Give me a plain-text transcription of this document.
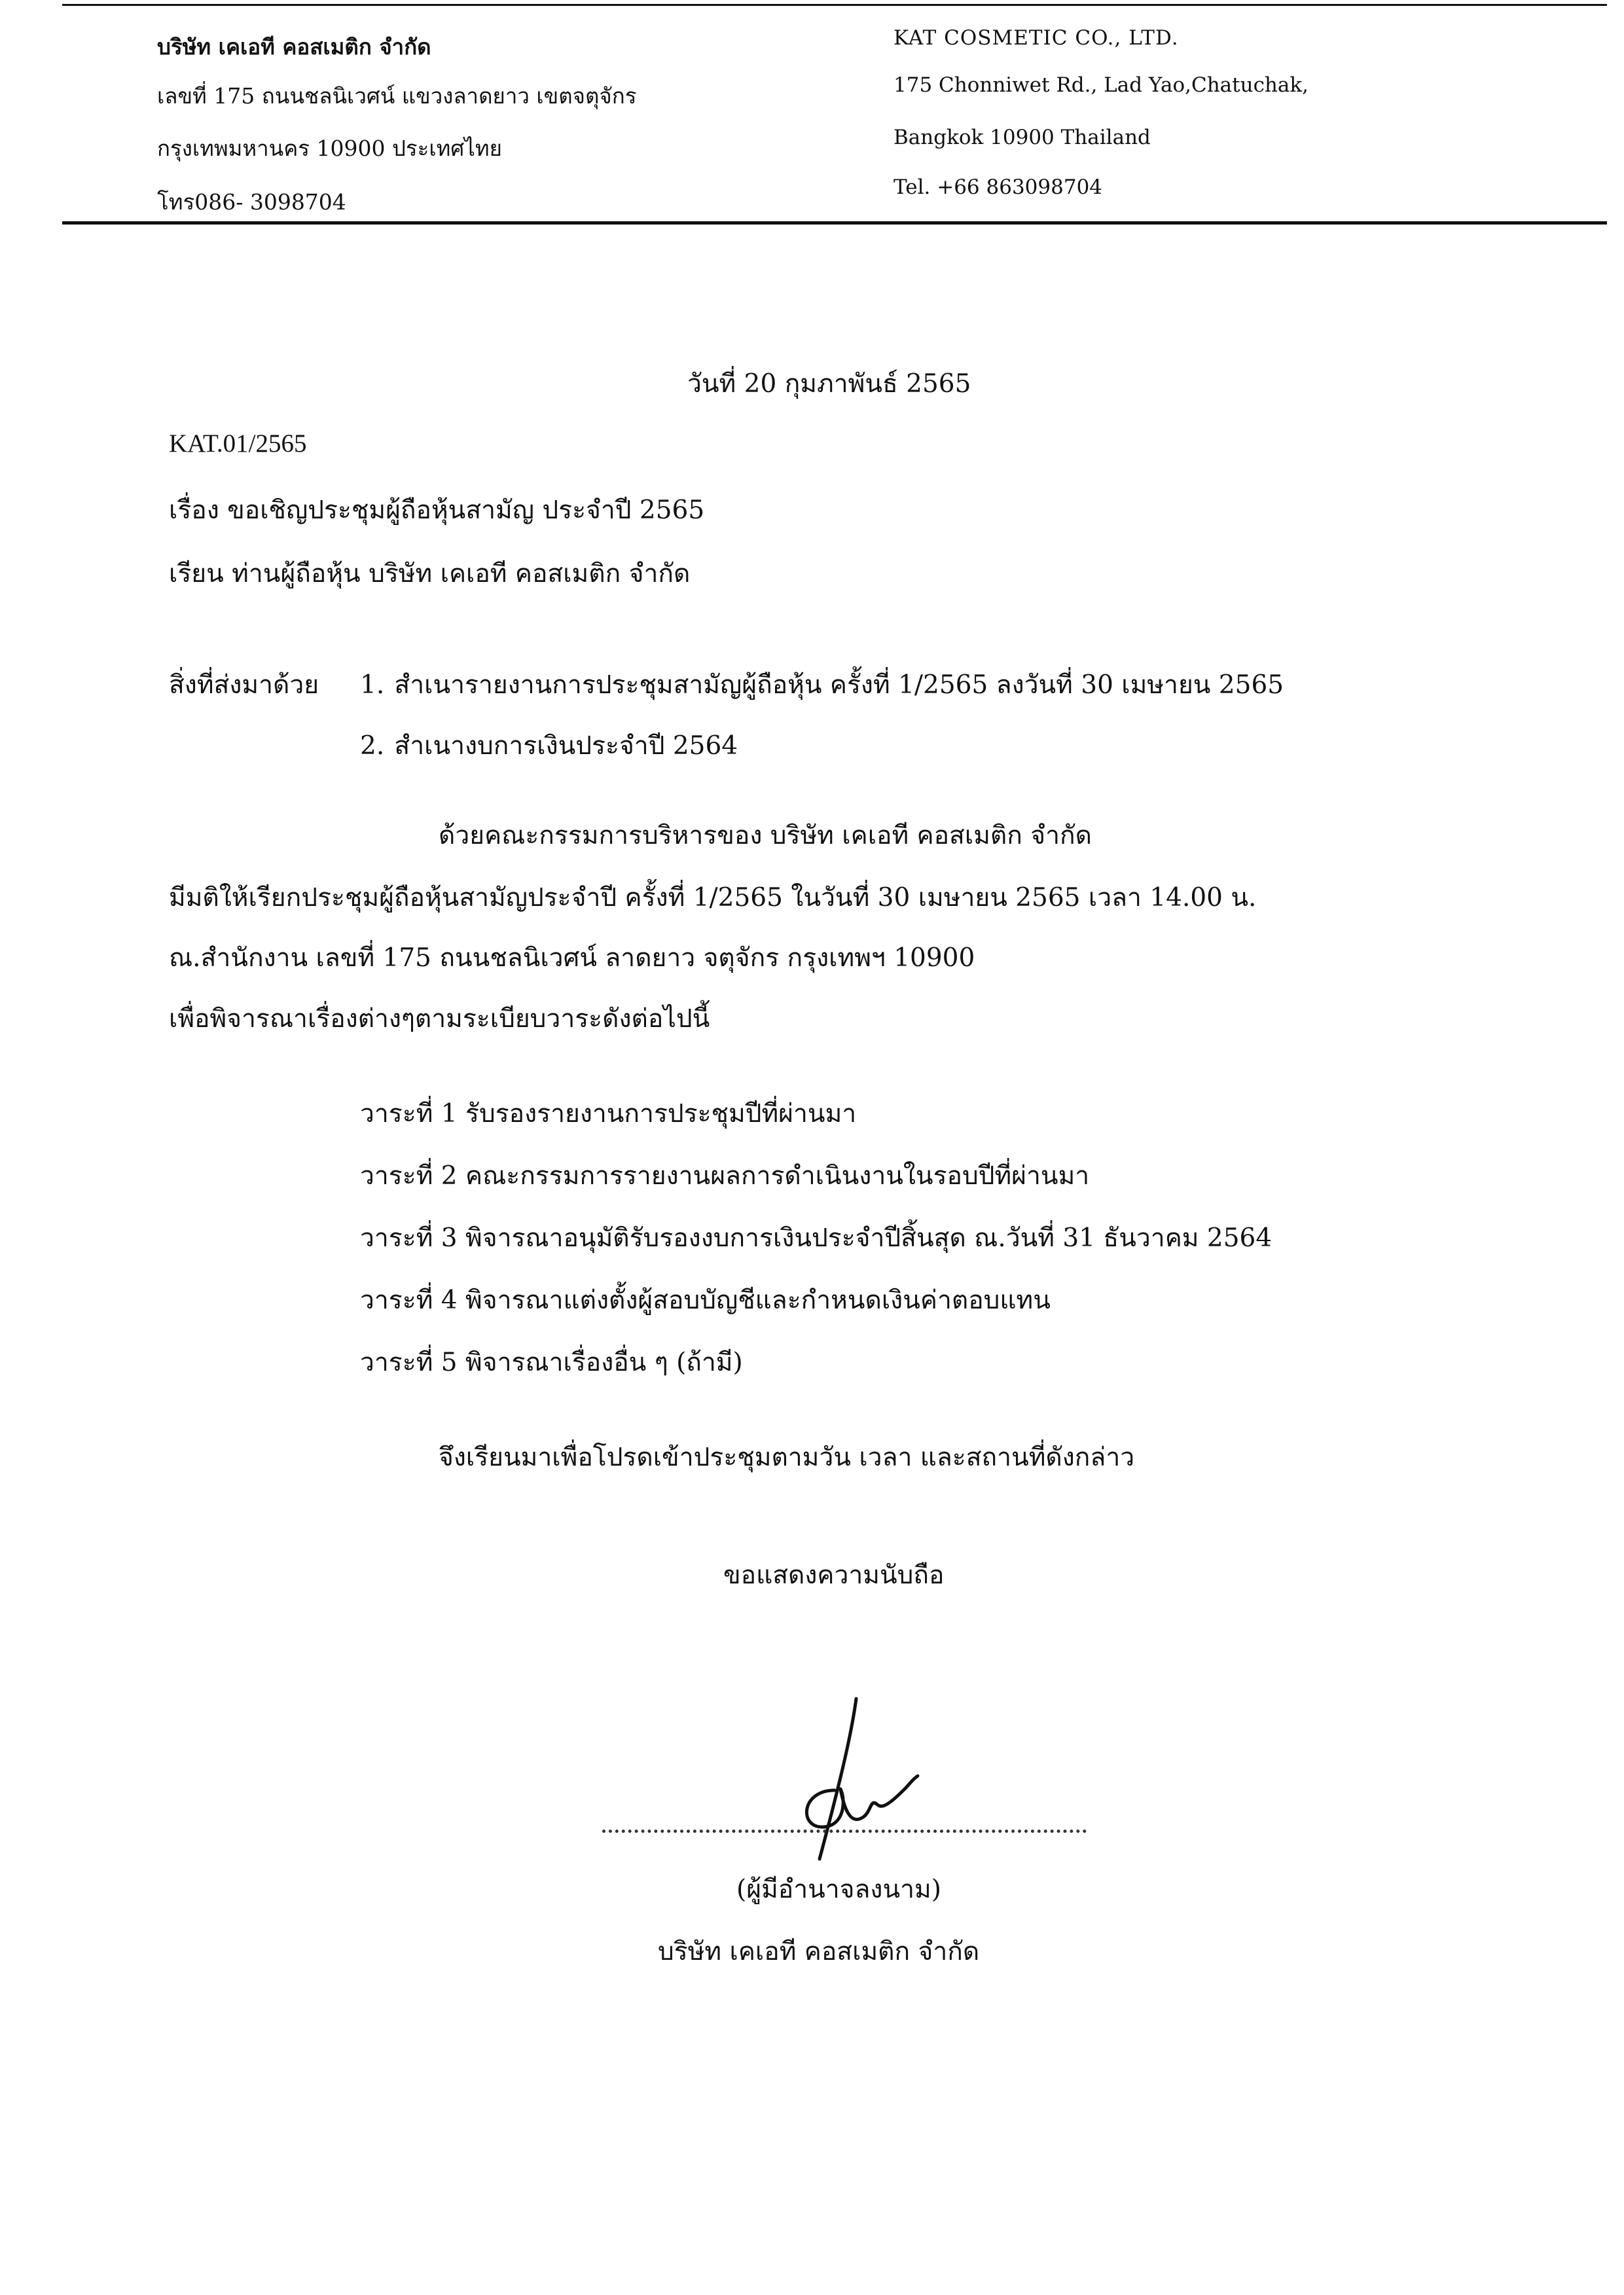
บริษัท เคเอที คอสเมติก จำกัด
เลขที่ 175 ถนนชลนิเวศน์ แขวงลาดยาว เขตจตุจักร
กรุงเทพมหานคร 10900 ประเทศไทย
โทร086- 3098704
KAT COSMETIC CO., LTD.
175 Chonniwet Rd., Lad Yao,Chatuchak,
Bangkok 10900 Thailand
Tel. +66 863098704
วันที่ 20 กุมภาพันธ์ 2565
KAT.01/2565
เรื่อง ขอเชิญประชุมผู้ถือหุ้นสามัญ ประจำปี 2565
เรียน ท่านผู้ถือหุ้น บริษัท เคเอที คอสเมติก จำกัด
สิ่งที่ส่งมาด้วย 1. สำเนารายงานการประชุมสามัญผู้ถือหุ้น ครั้งที่ 1/2565 ลงวันที่ 30 เมษายน 2565
2. สำเนางบการเงินประจำปี 2564
ด้วยคณะกรรมการบริหารของ บริษัท เคเอที คอสเมติก จำกัด
มีมติให้เรียกประชุมผู้ถือหุ้นสามัญประจำปี ครั้งที่ 1/2565 ในวันที่ 30 เมษายน 2565 เวลา 14.00 น.
ณ.สำนักงาน เลขที่ 175 ถนนชลนิเวศน์ ลาดยาว จตุจักร กรุงเทพฯ 10900
เพื่อพิจารณาเรื่องต่างๆตามระเบียบวาระดังต่อไปนี้
วาระที่ 1 รับรองรายงานการประชุมปีที่ผ่านมา
วาระที่ 2 คณะกรรมการรายงานผลการดำเนินงานในรอบปีที่ผ่านมา
วาระที่ 3 พิจารณาอนุมัติรับรองงบการเงินประจำปีสิ้นสุด ณ.วันที่ 31 ธันวาคม 2564
วาระที่ 4 พิจารณาแต่งตั้งผู้สอบบัญชีและกำหนดเงินค่าตอบแทน
วาระที่ 5 พิจารณาเรื่องอื่น ๆ (ถ้ามี)
จึงเรียนมาเพื่อโปรดเข้าประชุมตามวัน เวลา และสถานที่ดังกล่าว
ขอแสดงความนับถือ
(ผู้มีอำนาจลงนาม)
บริษัท เคเอที คอสเมติก จำกัด
